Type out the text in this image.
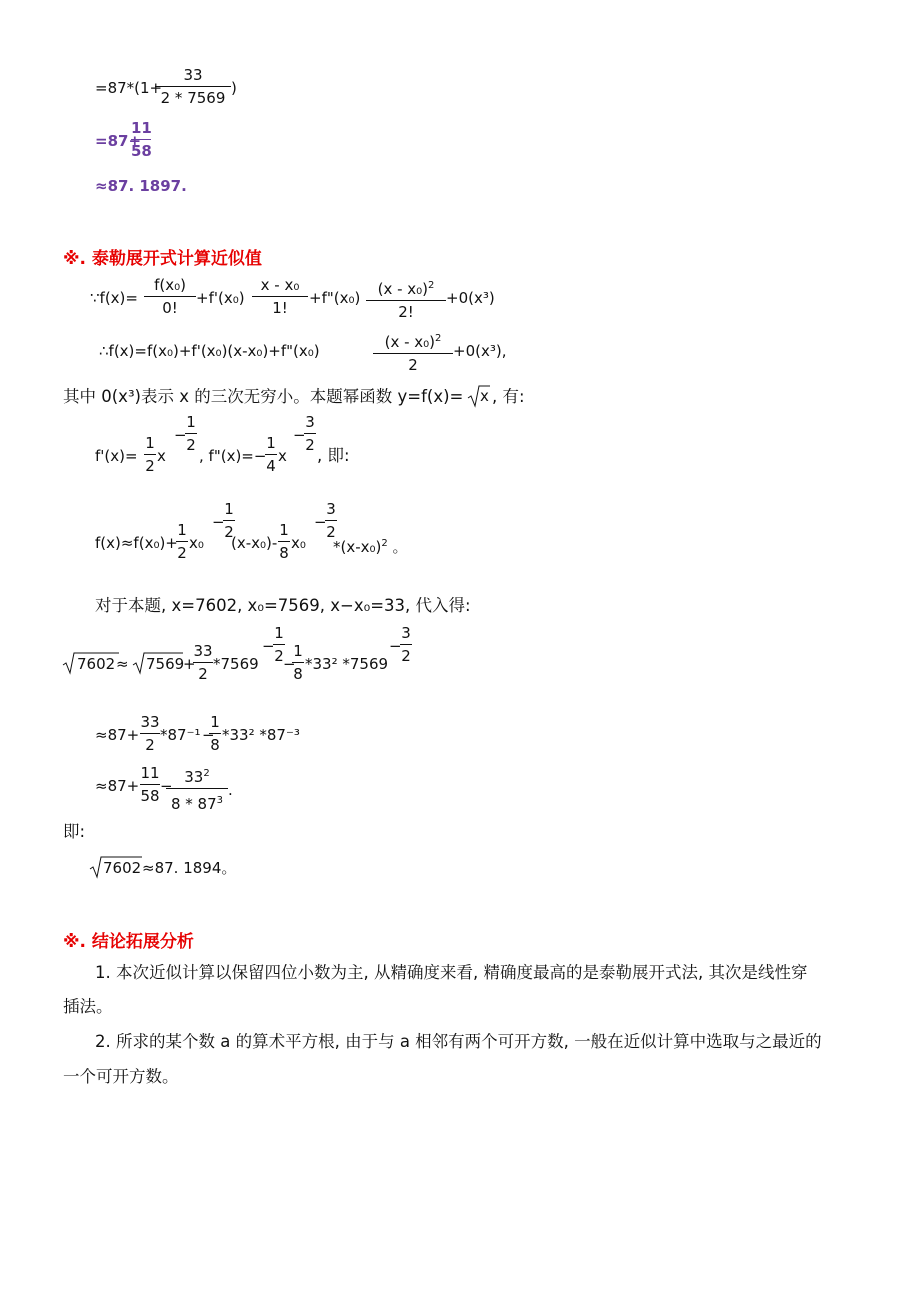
=87*(1+
33
2 * 7569
)
=87+
11
58
≈87. 1897.
※. 泰勒展开式计算近似值
∵f(x)=
f(x₀)
0!
+f'(x₀)
x - x₀
1!
+f"(x₀)	(x - x₀)$^2$
2!
+0(x³)
∴f(x)=f(x₀)+f'(x₀)(x-x₀)+f"(x₀)	(x - x₀)$^2$
2
+0(x³),
其中 0(x³)表示 x 的三次无穷小。本题幂函数 y=f(x)= x , 有:
f'(x)=
1
2
x
−
1
2
, f"(x)=−
1
4
x
−
3
2
, 即:
f(x)≈f(x₀)+
1
2
x₀
−
1
2
(x-x₀)-
1
8
x₀
−
3
2
$*(x-x_0)^2$ 。
对于本题, x=7602, x₀=7569, x−x₀=33, 代入得:
7602 ≈ 7569
+
33
2
*7569
−
1
2 −
1
8
*33² *7569
−
3
2
≈87+
33
2
*87⁻¹ −
1
8
*33² *87⁻³
≈87+
11
58
− $33^2$
$8 * 87^3$
.
即:
7602 ≈87. 1894。
※. 结论拓展分析
1. 本次近似计算以保留四位小数为主, 从精确度来看, 精确度最高的是泰勒展开式法, 其次是线性穿
插法。
2. 所求的某个数 a 的算术平方根, 由于与 a 相邻有两个可开方数, 一般在近似计算中选取与之最近的
一个可开方数。
